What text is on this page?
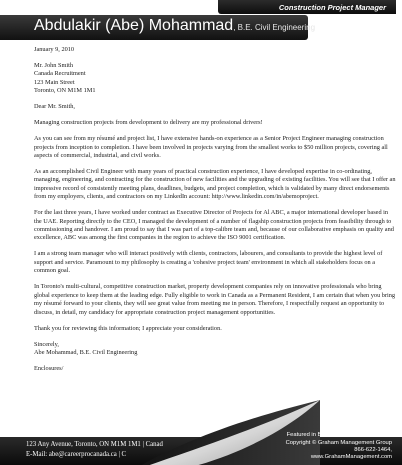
Construction Project Manager
Abdulakir (Abe) Mohammad, B.E. Civil Engineering

January 9, 2010

Mr. John Smith

Canada Recruitment

123 Main Street

Toronto, ON M1M 1M1

Dear Mr. Smith,

Managing construction projects from development to delivery are my professional drivers!

As you can see from my résumé and project list, I have extensive hands-on experience as a Senior Project Engineer managing construction projects from inception to completion. I have been involved in projects varying from the smallest works to $50 million projects, covering all aspects of commercial, industrial, and civil works.

As an accomplished Civil Engineer with many years of practical construction experience, I have developed expertise in co-ordinating, managing, engineering, and contracting for the construction of new facilities and the upgrading of existing facilities. You will see that I offer an impressive record of consistently meeting plans, deadlines, budgets, and project completion, which is validated by many direct endorsements from my employers, clients, and contractors on my LinkedIn account: http://www.linkedin.com/in/abemoproject.

For the last three years, I have worked under contract as Executive Director of Projects for Al ABC, a major international developer based in the UAE. Reporting directly to the CEO, I managed the development of a number of flagship construction projects from feasibility through to commissioning and handover. I am proud to say that I was part of a top-calibre team and, because of our collaborative emphasis on quality and excellence, ABC was among the first companies in the region to achieve the ISO 9001 certification.

I am a strong team manager who will interact positively with clients, contractors, labourers, and consultants to provide the highest level of support and service. Paramount to my philosophy is creating a 'cohesive project team' environment in which all stakeholders focus on a common goal.

In Toronto's multi-cultural, competitive construction market, property development companies rely on innovative professionals who bring global experience to keep them at the leading edge. Fully eligible to work in Canada as a Permanent Resident, I am certain that when you bring my résumé forward to your clients, they will see great value from meeting me in person. Therefore, I respectfully request an opportunity to discuss, in detail, my candidacy for appropriate construction project management opportunities.

Thank you for reviewing this information; I appreciate your consideration.

Sincerely,

Abe Mohammad, B.E. Civil Engineering

Enclosures/

123 Any Avenue, Toronto, ON M1M 1M1 | Canad
E-Mail: abe@careerprocanada.ca | C
Page 1 of 1
Featured in Best Canadian Cover Letters
Copyright © Graham Management Group
866-622-1464, www.GrahamManagement.com
